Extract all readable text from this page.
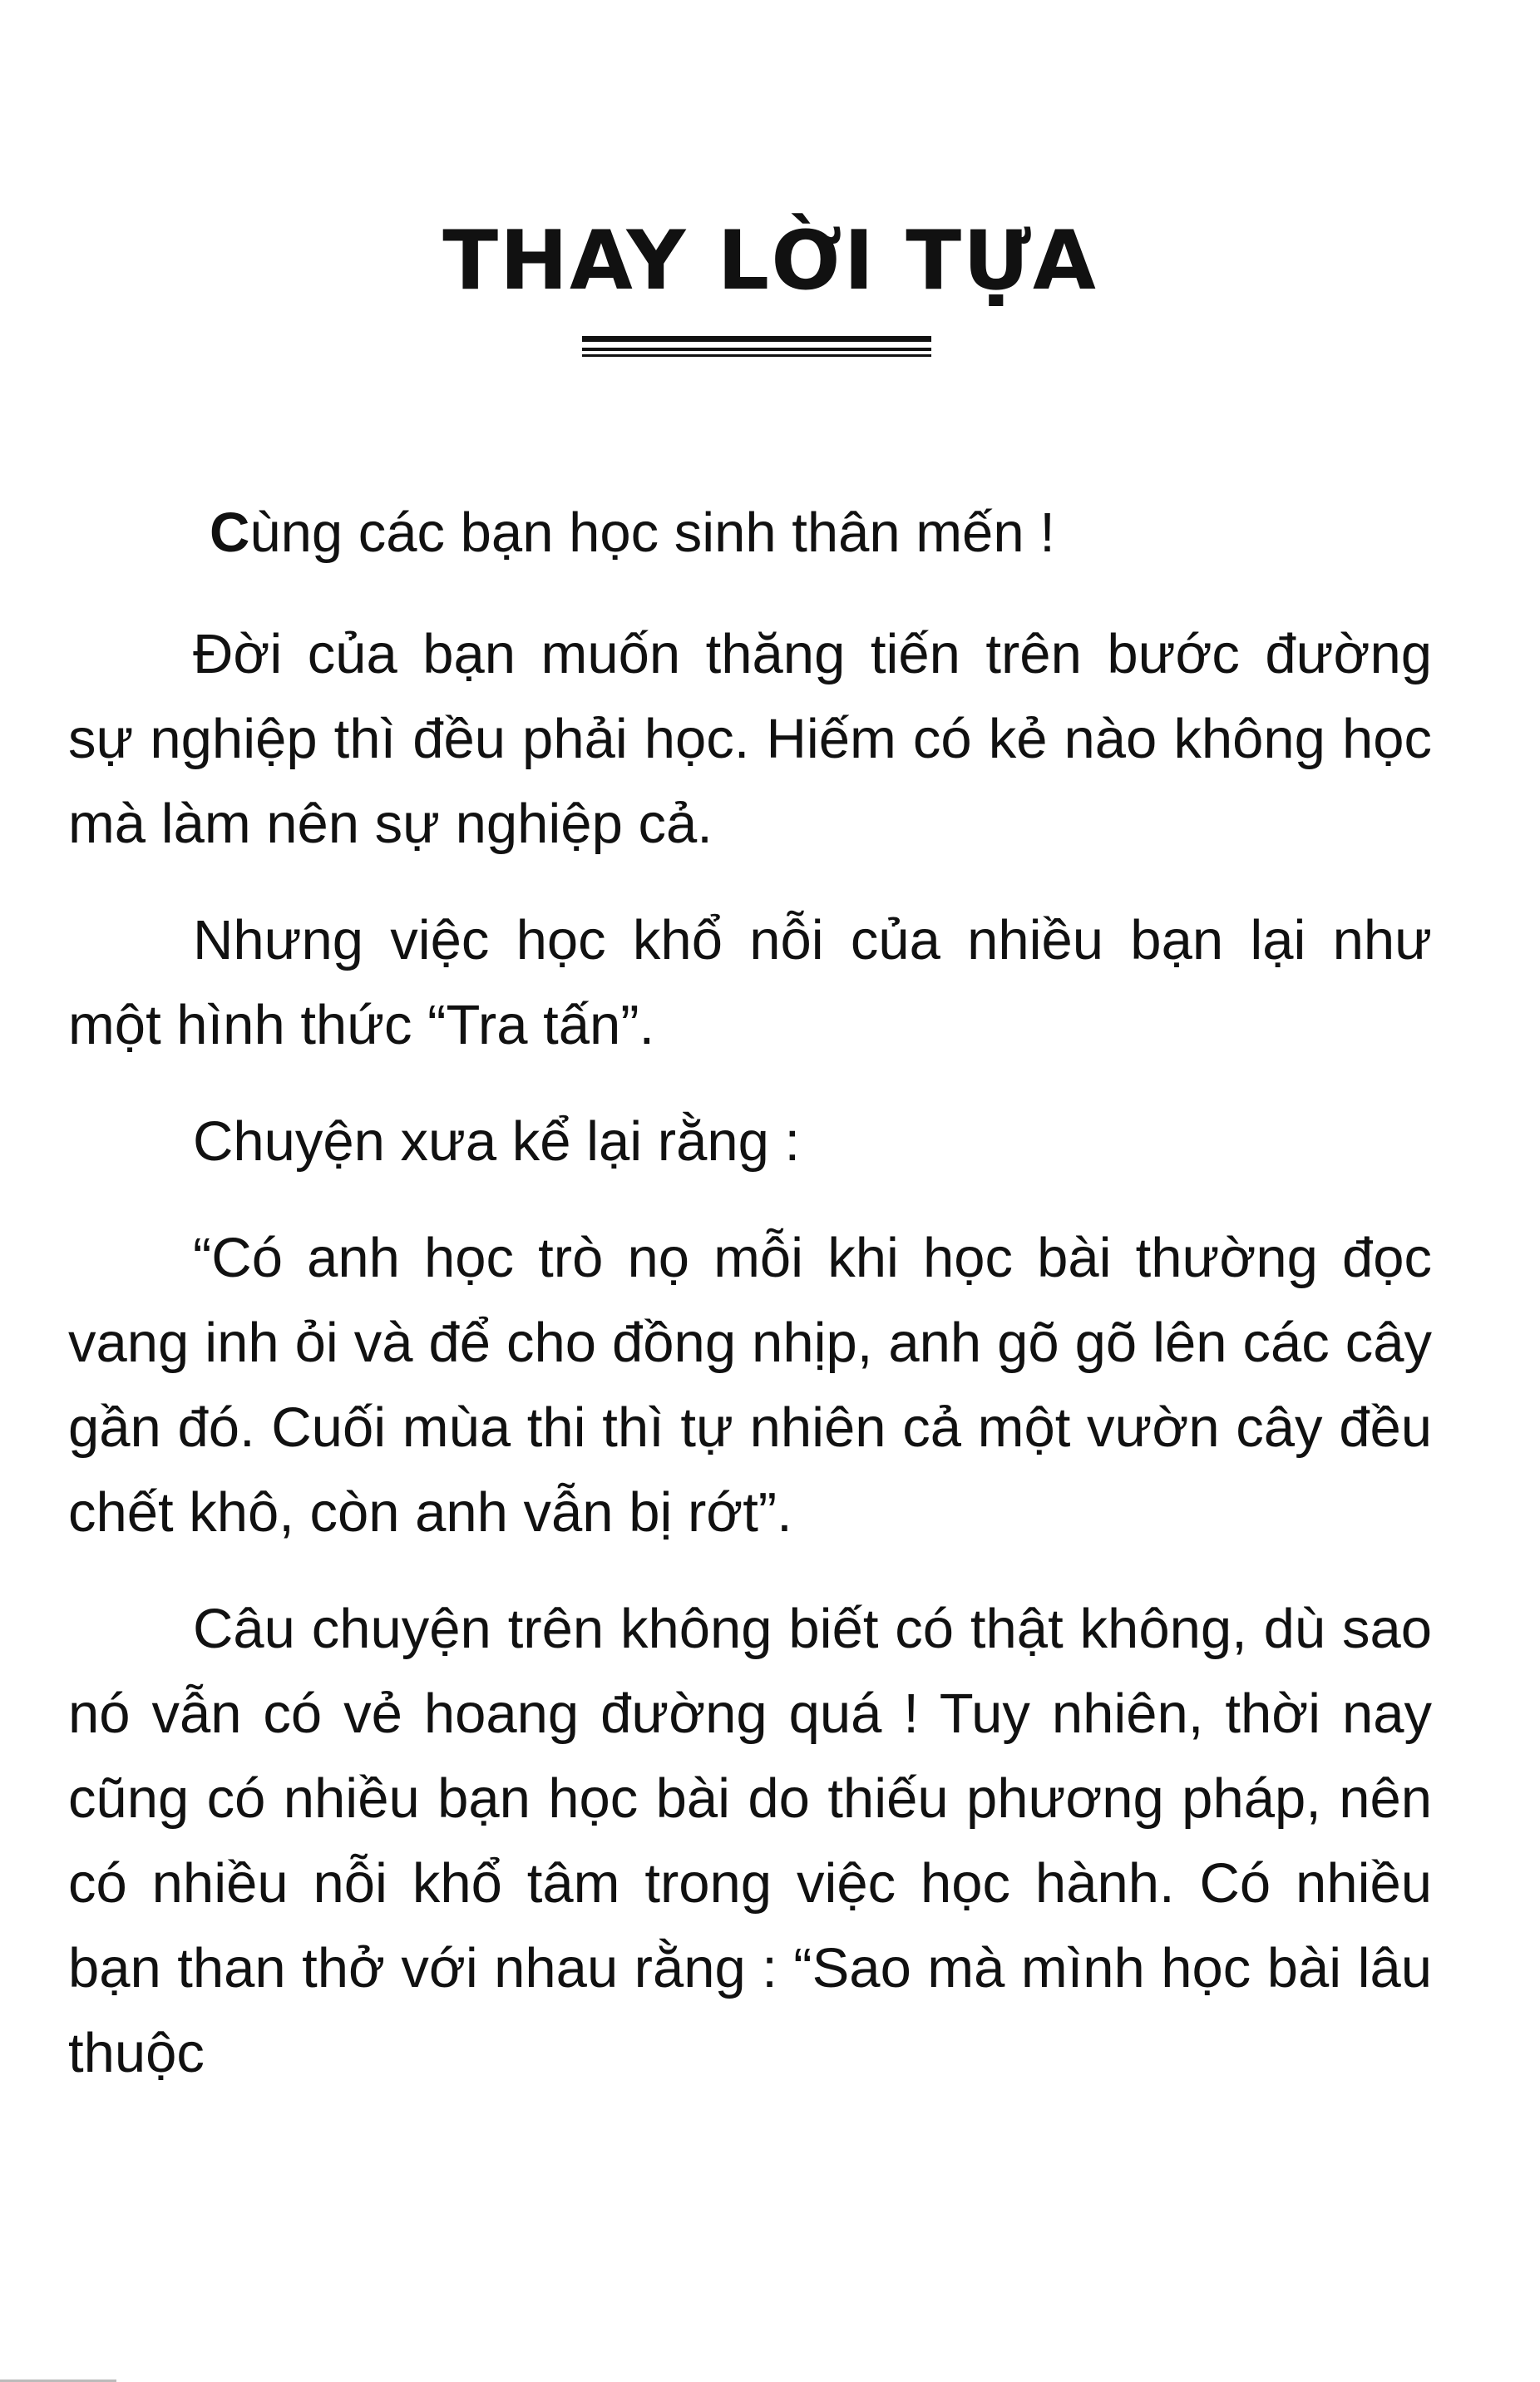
THAY LỜI TỰA

Cùng các bạn học sinh thân mến !

Đời của bạn muốn thăng tiến trên bước đường sự nghiệp thì đều phải học. Hiếm có kẻ nào không học mà làm nên sự nghiệp cả.

Nhưng việc học khổ nỗi của nhiều bạn lại như một hình thức “Tra tấn”.

Chuyện xưa kể lại rằng :

“Có anh học trò nọ mỗi khi học bài thường đọc vang inh ỏi và để cho đồng nhịp, anh gõ gõ lên các cây gần đó. Cuối mùa thi thì tự nhiên cả một vườn cây đều chết khô, còn anh vẫn bị rớt”.

Câu chuyện trên không biết có thật không, dù sao nó vẫn có vẻ hoang đường quá ! Tuy nhiên, thời nay cũng có nhiều bạn học bài do thiếu phương pháp, nên có nhiều nỗi khổ tâm trong việc học hành. Có nhiều bạn than thở với nhau rằng : “Sao mà mình học bài lâu thuộc
